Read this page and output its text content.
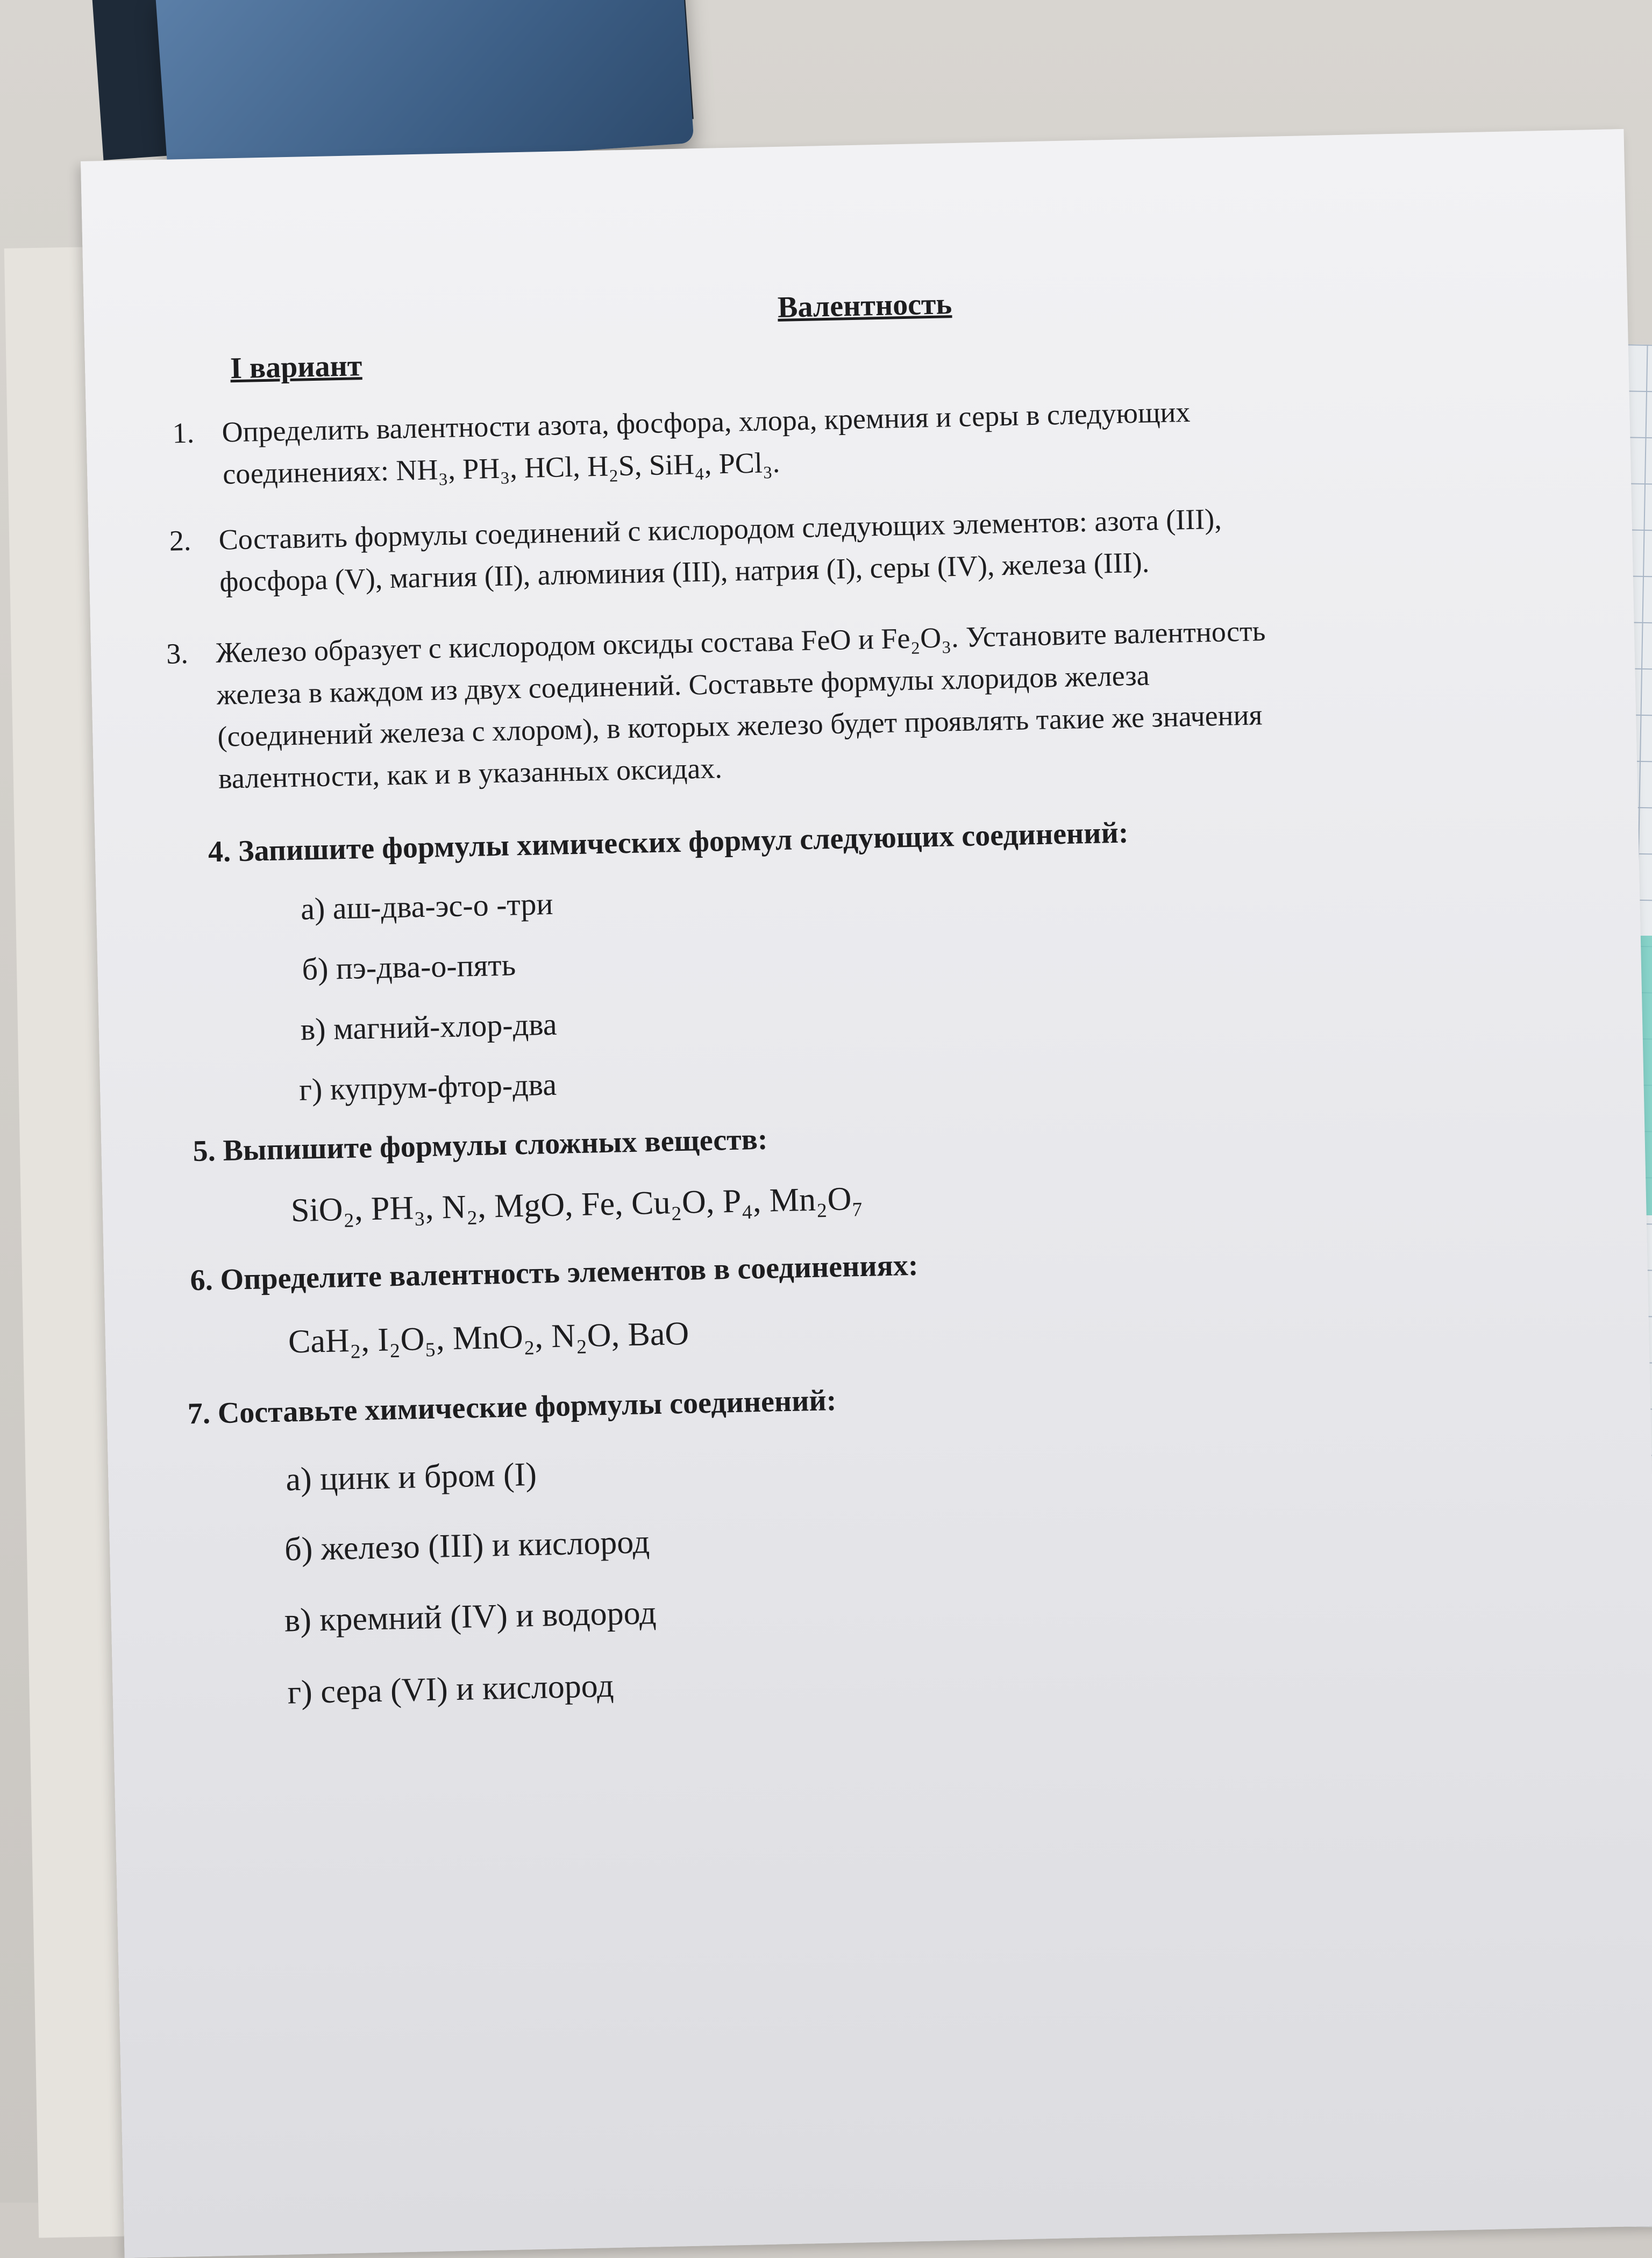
Валентность
I вариант
1. Определить валентности азота, фосфора, хлора, кремния и серы в следующих
соединениях: NH₃, PH₃, HCl, H₂S, SiH₄, PCl₃.
2. Составить формулы соединений с кислородом следующих элементов: азота (III),
фосфора (V), магния (II), алюминия (III), натрия (I), серы (IV), железа (III).
3. Железо образует с кислородом оксиды состава FeO и Fe₂O₃. Установите валентность
железа в каждом из двух соединений. Составьте формулы хлоридов железа
(соединений железа с хлором), в которых железо будет проявлять такие же значения
валентности, как и в указанных оксидах.
4. Запишите формулы химических формул следующих соединений:
а) аш-два-эс-о -три
б) пэ-два-о-пять
в) магний-хлор-два
г) купрум-фтор-два
5. Выпишите формулы сложных веществ:
SiO₂, PH₃, N₂, MgO, Fe, Cu₂O, P₄, Mn₂O₇
6. Определите валентность элементов в соединениях:
CaH₂, I₂O₅, MnO₂, N₂O, BaO
7. Составьте химические формулы соединений:
а) цинк и бром (I)
б) железо (III) и кислород
в) кремний (IV) и водород
г) сера (VI) и кислород
